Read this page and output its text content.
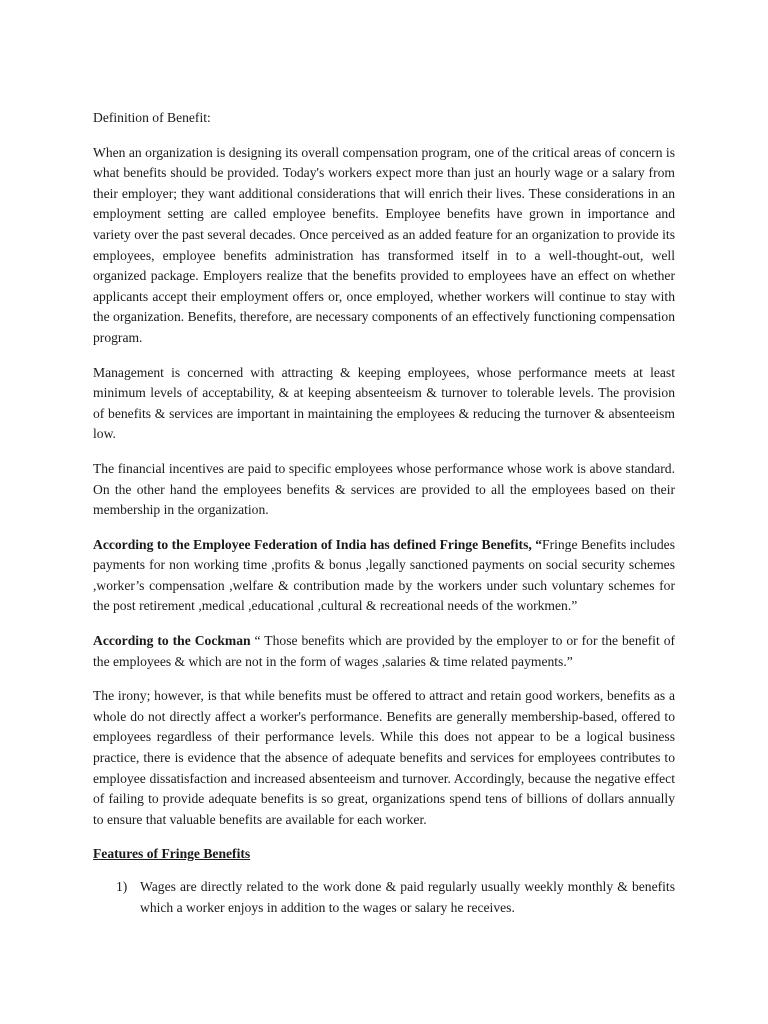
Definition of Benefit:

When an organization is designing its overall compensation program, one of the critical areas of concern is what benefits should be provided. Today's workers expect more than just an hourly wage or a salary from their employer; they want additional considerations that will enrich their lives. These considerations in an employment setting are called employee benefits. Employee benefits have grown in importance and variety over the past several decades. Once perceived as an added feature for an organization to provide its employees, employee benefits administration has transformed itself in to a well-thought-out, well organized package. Employers realize that the benefits provided to employees have an effect on whether applicants accept their employment offers or, once employed, whether workers will continue to stay with the organization. Benefits, therefore, are necessary components of an effectively functioning compensation program.

Management is concerned with attracting & keeping employees, whose performance meets at least minimum levels of acceptability, & at keeping absenteeism & turnover to tolerable levels. The provision of benefits & services are important in maintaining the employees & reducing the turnover & absenteeism low.

The financial incentives are paid to specific employees whose performance whose work is above standard. On the other hand the employees benefits & services are provided to all the employees based on their membership in the organization.

According to the Employee Federation of India has defined Fringe Benefits, “Fringe Benefits includes payments for non working time ,profits & bonus ,legally sanctioned payments on social security schemes ,worker’s compensation ,welfare & contribution made by the workers under such voluntary schemes for the post retirement ,medical ,educational ,cultural & recreational needs of the workmen.”

According to the Cockman “ Those benefits which are provided by the employer to or for the benefit of the employees & which are not in the form of wages ,salaries & time related payments.”

The irony; however, is that while benefits must be offered to attract and retain good workers, benefits as a whole do not directly affect a worker's performance. Benefits are generally membership-based, offered to employees regardless of their performance levels. While this does not appear to be a logical business practice, there is evidence that the absence of adequate benefits and services for employees contributes to employee dissatisfaction and increased absenteeism and turnover. Accordingly, because the negative effect of failing to provide adequate benefits is so great, organizations spend tens of billions of dollars annually to ensure that valuable benefits are available for each worker.

Features of Fringe Benefits
1) Wages are directly related to the work done & paid regularly usually weekly monthly & benefits which a worker enjoys in addition to the wages or salary he receives.
